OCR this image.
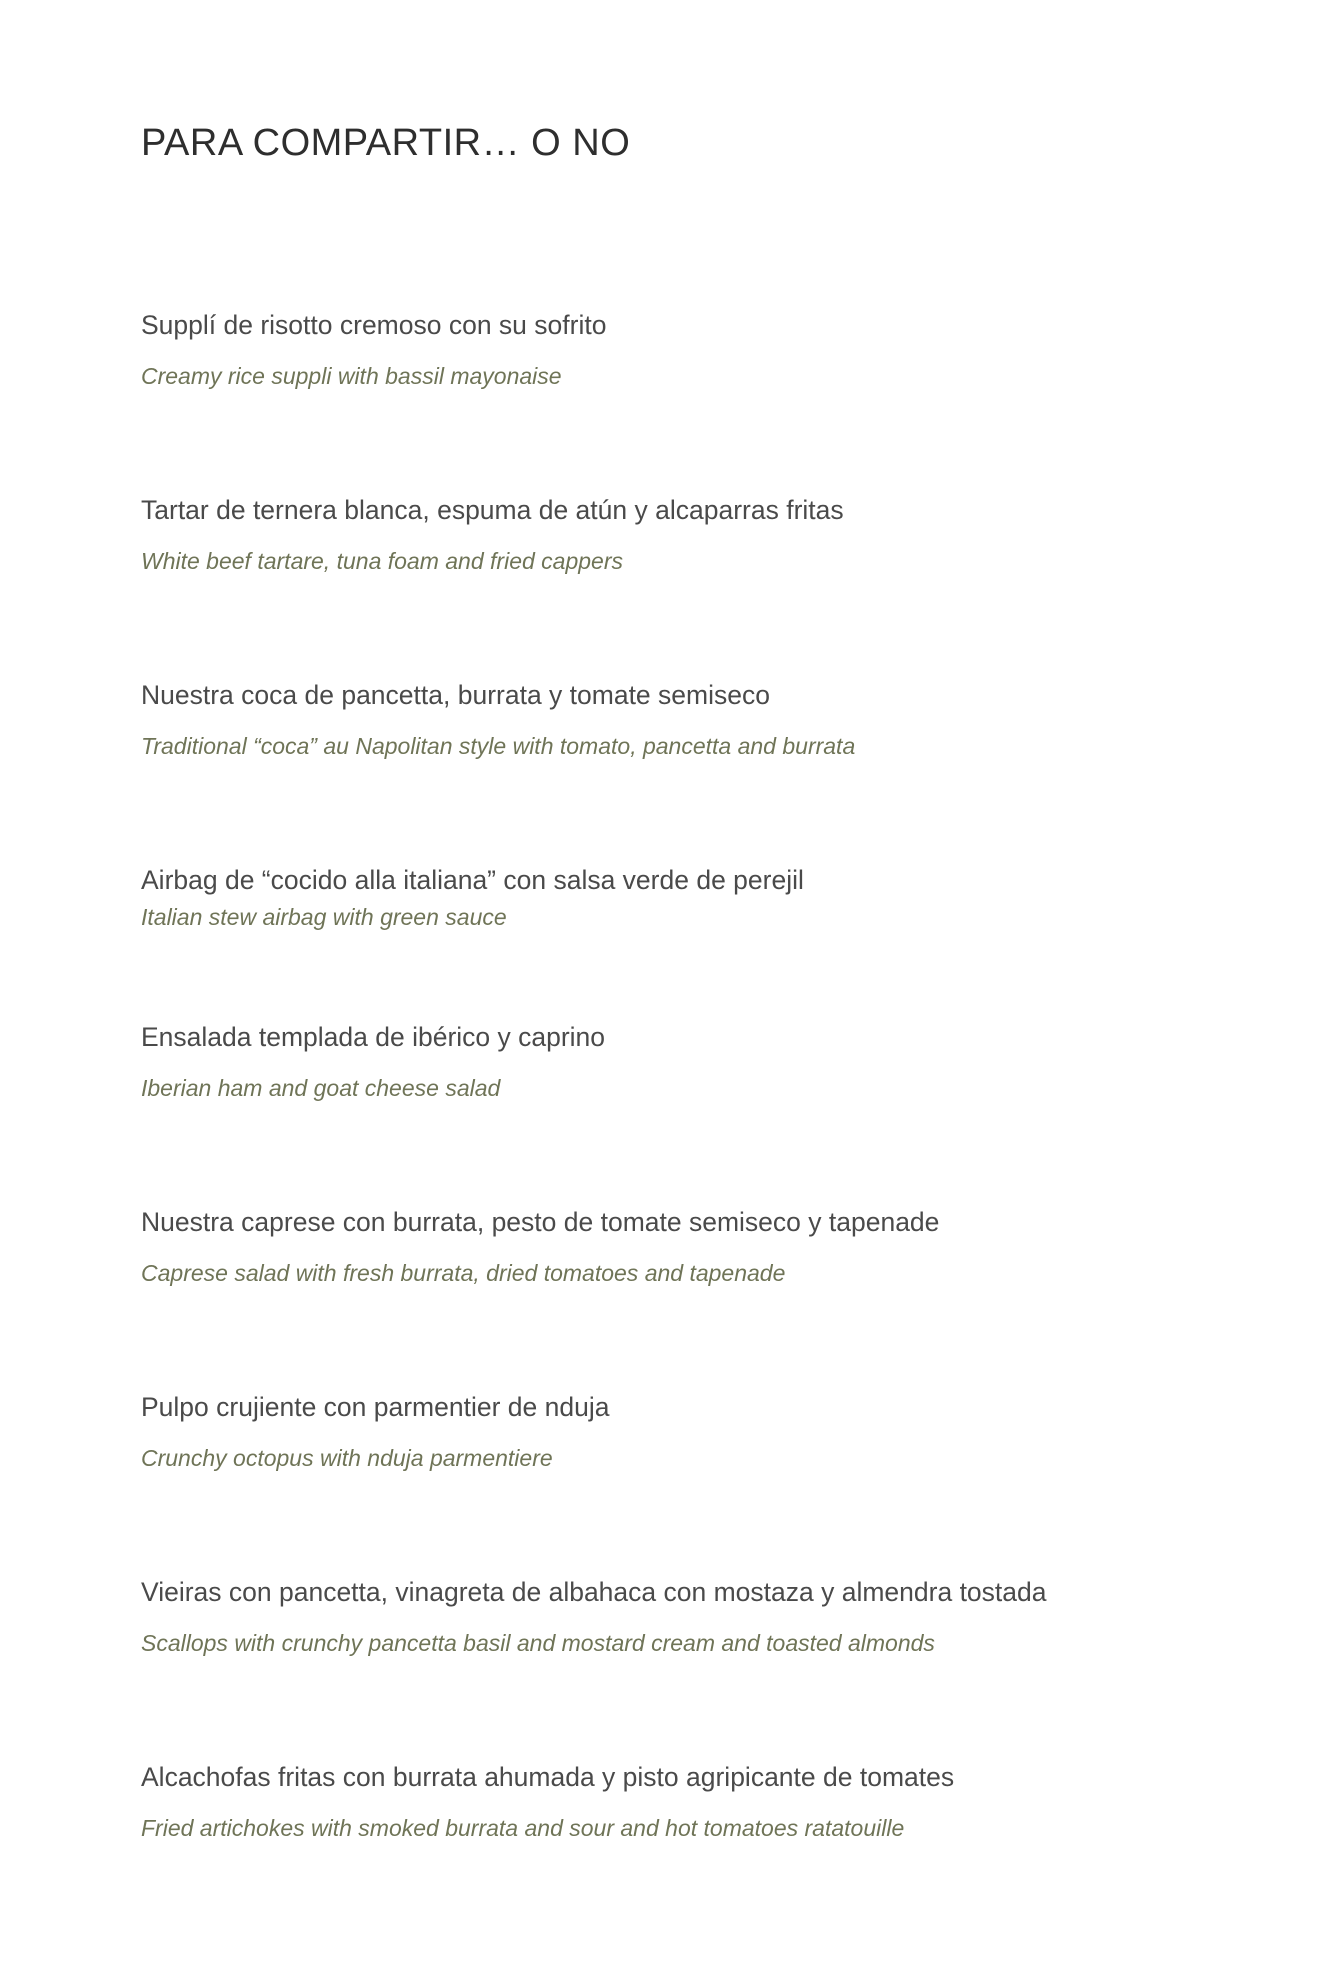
PARA COMPARTIR… O NO
Supplí de risotto cremoso con su sofrito
Creamy rice suppli with bassil mayonaise
Tartar de ternera blanca, espuma de atún y alcaparras fritas
White beef tartare, tuna foam and fried cappers
Nuestra coca de pancetta, burrata y tomate semiseco
Traditional “coca” au Napolitan style with tomato, pancetta and burrata
Airbag de “cocido alla italiana” con salsa verde de perejil
Italian stew airbag with green sauce
Ensalada templada de ibérico y caprino
Iberian ham and goat cheese salad
Nuestra caprese con burrata, pesto de tomate semiseco y tapenade
Caprese salad with fresh burrata, dried tomatoes and tapenade
Pulpo crujiente con parmentier de nduja
Crunchy octopus with nduja parmentiere
Vieiras con pancetta, vinagreta de albahaca con mostaza y almendra tostada
Scallops with crunchy pancetta basil and mostard cream and toasted almonds
Alcachofas fritas con burrata ahumada y pisto agripicante de tomates
Fried artichokes with smoked burrata and sour and hot tomatoes ratatouille
